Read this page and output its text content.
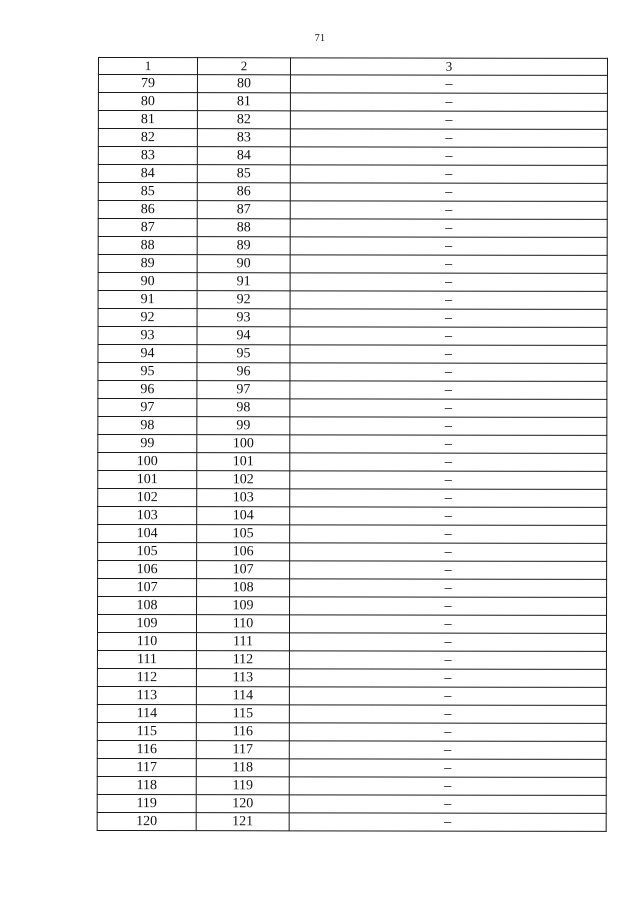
71
1	2	3
79	80	–
80	81	–
81	82	–
82	83	–
83	84	–
84	85	–
85	86	–
86	87	–
87	88	–
88	89	–
89	90	–
90	91	–
91	92	–
92	93	–
93	94	–
94	95	–
95	96	–
96	97	–
97	98	–
98	99	–
99	100	–
100	101	–
101	102	–
102	103	–
103	104	–
104	105	–
105	106	–
106	107	–
107	108	–
108	109	–
109	110	–
110	111	–
111	112	–
112	113	–
113	114	–
114	115	–
115	116	–
116	117	–
117	118	–
118	119	–
119	120	–
120	121	–
